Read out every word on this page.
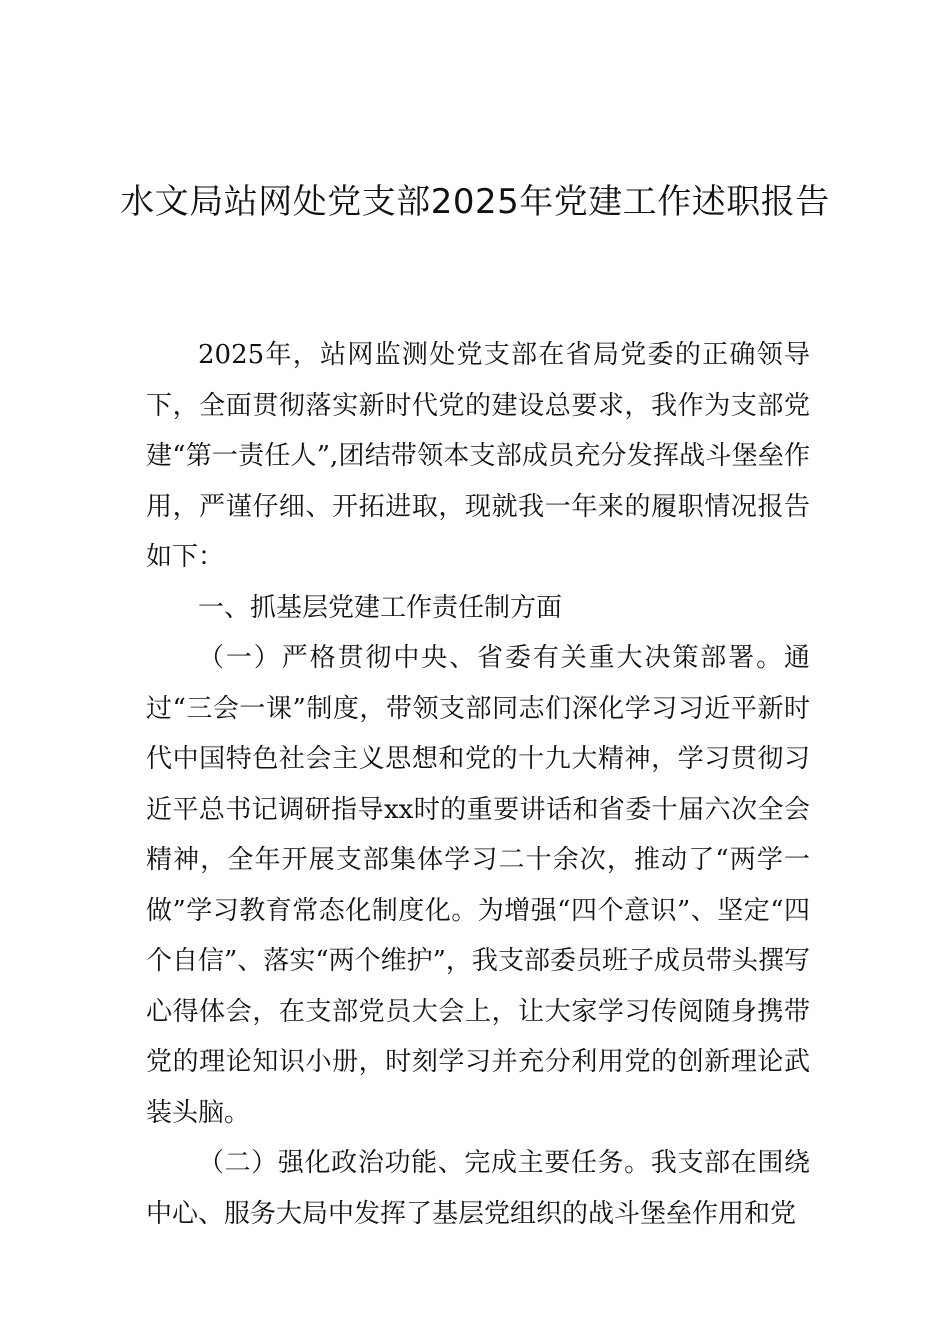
水文局站网处党支部2025年党建工作述职报告

2025年，站网监测处党支部在省局党委的正确领导下，全面贯彻落实新时代党的建设总要求，我作为支部党建“第一责任人”,团结带领本支部成员充分发挥战斗堡垒作用，严谨仔细、开拓进取，现就我一年来的履职情况报告如下：

一、抓基层党建工作责任制方面

（一）严格贯彻中央、省委有关重大决策部署。通过“三会一课”制度，带领支部同志们深化学习习近平新时代中国特色社会主义思想和党的十九大精神，学习贯彻习近平总书记调研指导xx时的重要讲话和省委十届六次全会精神，全年开展支部集体学习二十余次，推动了“两学一做”学习教育常态化制度化。为增强“四个意识”、坚定“四个自信”、落实“两个维护”，我支部委员班子成员带头撰写心得体会，在支部党员大会上，让大家学习传阅随身携带党的理论知识小册，时刻学习并充分利用党的创新理论武装头脑。

（二）强化政治功能、完成主要任务。我支部在围绕中心、服务大局中发挥了基层党组织的战斗堡垒作用和党
